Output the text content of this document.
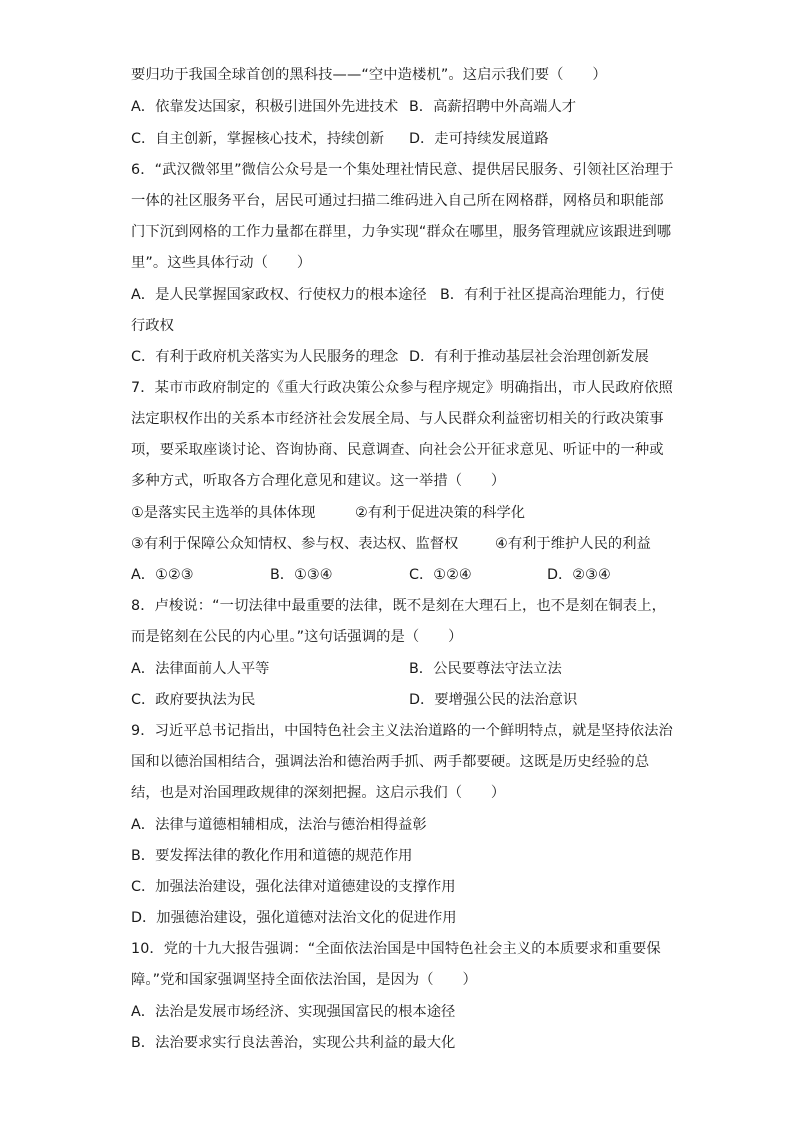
要归功于我国全球首创的黑科技——“空中造楼机”。这启示我们要（　　）
A．依靠发达国家，积极引进国外先进技术 B．高薪招聘中外高端人才
C．自主创新，掌握核心技术，持续创新 D．走可持续发展道路
6．“武汉微邻里”微信公众号是一个集处理社情民意、提供居民服务、引领社区治理于
一体的社区服务平台，居民可通过扫描二维码进入自己所在网格群，网格员和职能部
门下沉到网格的工作力量都在群里，力争实现“群众在哪里，服务管理就应该跟进到哪
里”。这些具体行动（　　）
A．是人民掌握国家政权、行使权力的根本途径 B．有利于社区提高治理能力，行使
行政权
C．有利于政府机关落实为人民服务的理念 D．有利于推动基层社会治理创新发展
7．某市市政府制定的《重大行政决策公众参与程序规定》明确指出，市人民政府依照
法定职权作出的关系本市经济社会发展全局、与人民群众利益密切相关的行政决策事
项，要采取座谈讨论、咨询协商、民意调查、向社会公开征求意见、听证中的一种或
多种方式，听取各方合理化意见和建议。这一举措（　　）
①是落实民主选举的具体体现	②有利于促进决策的科学化
③有利于保障公众知情权、参与权、表达权、监督权	④有利于维护人民的利益
A．①②③	B．①③④	C．①②④	D．②③④
8．卢梭说：“一切法律中最重要的法律，既不是刻在大理石上，也不是刻在铜表上，
而是铭刻在公民的内心里。”这句话强调的是（　　）
A．法律面前人人平等	B．公民要尊法守法立法
C．政府要执法为民	D．要增强公民的法治意识
9．习近平总书记指出，中国特色社会主义法治道路的一个鲜明特点，就是坚持依法治
国和以德治国相结合，强调法治和德治两手抓、两手都要硬。这既是历史经验的总
结，也是对治国理政规律的深刻把握。这启示我们（　　）
A．法律与道德相辅相成，法治与德治相得益彰
B．要发挥法律的教化作用和道德的规范作用
C．加强法治建设，强化法律对道德建设的支撑作用
D．加强德治建设，强化道德对法治文化的促进作用
10．党的十九大报告强调：“全面依法治国是中国特色社会主义的本质要求和重要保
障。”党和国家强调坚持全面依法治国，是因为（　　）
A．法治是发展市场经济、实现强国富民的根本途径
B．法治要求实行良法善治，实现公共利益的最大化
